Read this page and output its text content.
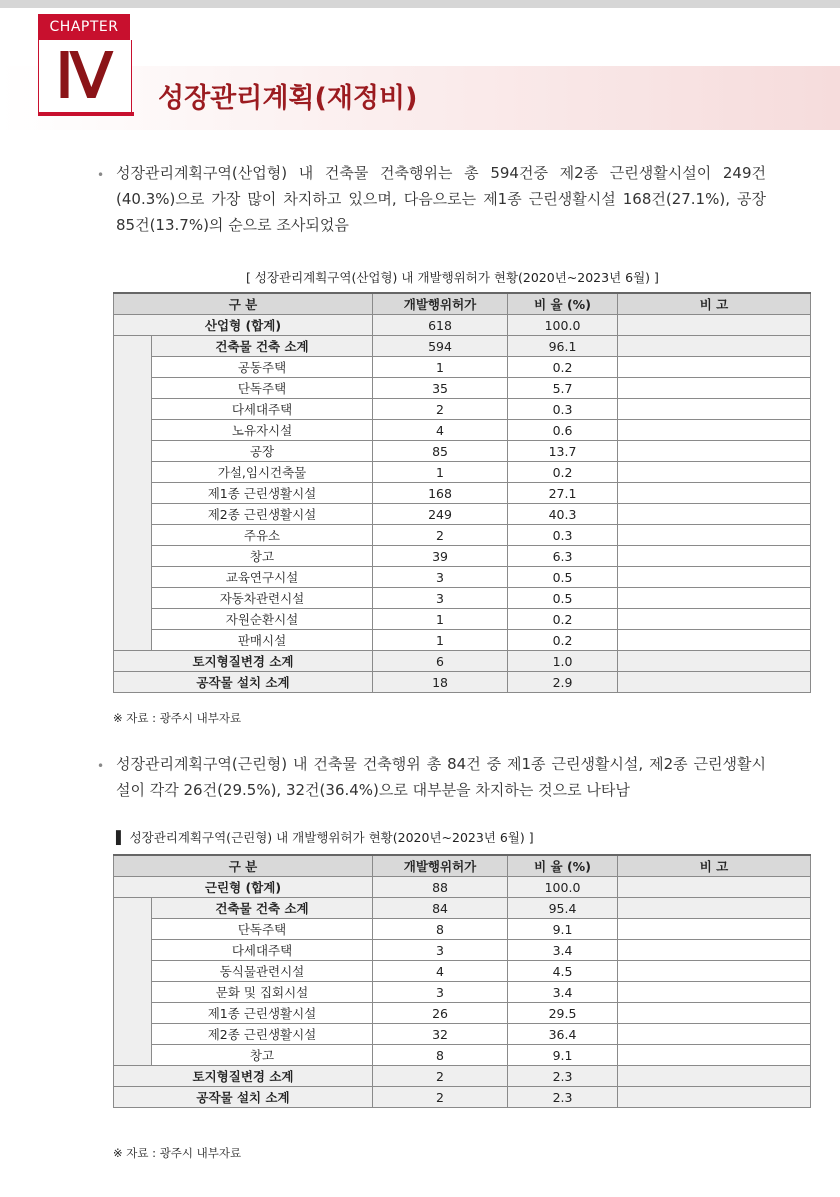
CHAPTER
Ⅳ	성장관리계획(재정비)
• 성장관리계획구역(산업형) 내 건축물 건축행위는 총 594건중 제2종 근린생활시설이 249건(40.3%)으로 가장 많이 차지하고 있으며, 다음으로는 제1종 근린생활시설 168건(27.1%), 공장 85건(13.7%)의 순으로 조사되었음
[ 성장관리계획구역(산업형) 내 개발행위허가 현황(2020년~2023년 6월) ]
구 분		개발행위허가	비 율 (%)	비 고
산업형 (합계)		618	100.0	
	건축물 건축 소계	594	96.1	
	공동주택	1	0.2	
	단독주택	35	5.7	
	다세대주택	2	0.3	
	노유자시설	4	0.6	
	공장	85	13.7	
	가설,임시건축물	1	0.2	
	제1종 근린생활시설	168	27.1	
	제2종 근린생활시설	249	40.3	
	주유소	2	0.3	
	창고	39	6.3	
	교육연구시설	3	0.5	
	자동차관련시설	3	0.5	
	자원순환시설	1	0.2	
	판매시설	1	0.2	
토지형질변경 소계		6	1.0	
공작물 설치 소계		18	2.9	
※ 자료 : 광주시 내부자료
• 성장관리계획구역(근린형) 내 건축물 건축행위 총 84건 중 제1종 근린생활시설, 제2종 근린생활시설이 각각 26건(29.5%), 32건(36.4%)으로 대부분을 차지하는 것으로 나타남
▌ 성장관리계획구역(근린형) 내 개발행위허가 현황(2020년~2023년 6월) ]
구 분		개발행위허가	비 율 (%)	비 고
근린형 (합계)		88	100.0	
	건축물 건축 소계	84	95.4	
	단독주택	8	9.1	
	다세대주택	3	3.4	
	동식물관련시설	4	4.5	
	문화 및 집회시설	3	3.4	
	제1종 근린생활시설	26	29.5	
	제2종 근린생활시설	32	36.4	
	창고	8	9.1	
토지형질변경 소계		2	2.3	
공작물 설치 소계		2	2.3	
※ 자료 : 광주시 내부자료
